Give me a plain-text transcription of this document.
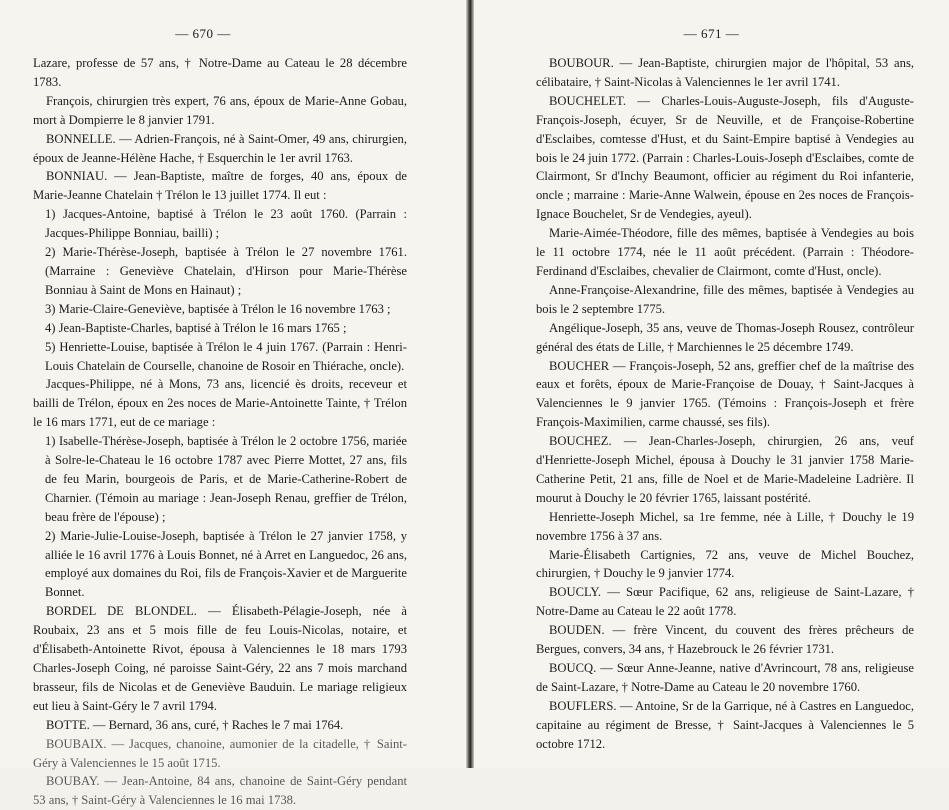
— 670 —

Lazare, professe de 57 ans, † Notre-Dame au Cateau le 28 décembre 1783.

François, chirurgien très expert, 76 ans, époux de Marie-Anne Gobau, mort à Dompierre le 8 janvier 1791.

BONNELLE. — Adrien-François, né à Saint-Omer, 49 ans, chirurgien, époux de Jeanne-Hélène Hache, † Esquerchin le 1er avril 1763.

BONNIAU. — Jean-Baptiste, maître de forges, 40 ans, époux de Marie-Jeanne Chatelain † Trélon le 13 juillet 1774. Il eut :

1) Jacques-Antoine, baptisé à Trélon le 23 août 1760. (Parrain : Jacques-Philippe Bonniau, bailli) ;

2) Marie-Thérèse-Joseph, baptisée à Trélon le 27 novembre 1761. (Marraine : Geneviève Chatelain, d'Hirson pour Marie-Thérèse Bonniau à Saint de Mons en Hainaut) ;

3) Marie-Claire-Geneviève, baptisée à Trélon le 16 novembre 1763 ;

4) Jean-Baptiste-Charles, baptisé à Trélon le 16 mars 1765 ;

5) Henriette-Louise, baptisée à Trélon le 4 juin 1767. (Parrain : Henri-Louis Chatelain de Courselle, chanoine de Rosoir en Thiérache, oncle).

Jacques-Philippe, né à Mons, 73 ans, licencié ès droits, receveur et bailli de Trélon, époux en 2es noces de Marie-Antoinette Tainte, † Trélon le 16 mars 1771, eut de ce mariage :

1) Isabelle-Thérèse-Joseph, baptisée à Trélon le 2 octobre 1756, mariée à Solre-le-Chateau le 16 octobre 1787 avec Pierre Mottet, 27 ans, fils de feu Marin, bourgeois de Paris, et de Marie-Catherine-Robert de Charnier. (Témoin au mariage : Jean-Joseph Renau, greffier de Trélon, beau frère de l'épouse) ;

2) Marie-Julie-Louise-Joseph, baptisée à Trélon le 27 janvier 1758, y alliée le 16 avril 1776 à Louis Bonnet, né à Arret en Languedoc, 26 ans, employé aux domaines du Roi, fils de François-Xavier et de Marguerite Bonnet.

BORDEL DE BLONDEL. — Élisabeth-Pélagie-Joseph, née à Roubaix, 23 ans et 5 mois fille de feu Louis-Nicolas, notaire, et d'Élisabeth-Antoinette Rivot, épousa à Valenciennes le 18 mars 1793 Charles-Joseph Coing, né paroisse Saint-Géry, 22 ans 7 mois marchand brasseur, fils de Nicolas et de Geneviève Bauduin. Le mariage religieux eut lieu à Saint-Géry le 7 avril 1794.

BOTTE. — Bernard, 36 ans, curé, † Raches le 7 mai 1764.

BOUBAIX. — Jacques, chanoine, aumonier de la citadelle, † Saint-Géry à Valenciennes le 15 août 1715.

BOUBAY. — Jean-Antoine, 84 ans, chanoine de Saint-Géry pendant 53 ans, † Saint-Géry à Valenciennes le 16 mai 1738.

— 671 —

BOUBOUR. — Jean-Baptiste, chirurgien major de l'hôpital, 53 ans, célibataire, † Saint-Nicolas à Valenciennes le 1er avril 1741.

BOUCHELET. — Charles-Louis-Auguste-Joseph, fils d'Auguste-François-Joseph, écuyer, Sr de Neuville, et de Françoise-Robertine d'Esclaibes, comtesse d'Hust, et du Saint-Empire baptisé à Vendegies au bois le 24 juin 1772. (Parrain : Charles-Louis-Joseph d'Esclaibes, comte de Clairmont, Sr d'Inchy Beaumont, officier au régiment du Roi infanterie, oncle ; marraine : Marie-Anne Walwein, épouse en 2es noces de François-Ignace Bouchelet, Sr de Vendegies, ayeul).

Marie-Aimée-Théodore, fille des mêmes, baptisée à Vendegies au bois le 11 octobre 1774, née le 11 août précédent. (Parrain : Théodore-Ferdinand d'Esclaibes, chevalier de Clairmont, comte d'Hust, oncle).

Anne-Françoise-Alexandrine, fille des mêmes, baptisée à Vendegies au bois le 2 septembre 1775.

Angélique-Joseph, 35 ans, veuve de Thomas-Joseph Rousez, contrôleur général des états de Lille, † Marchiennes le 25 décembre 1749.

BOUCHER — François-Joseph, 52 ans, greffier chef de la maîtrise des eaux et forêts, époux de Marie-Françoise de Douay, † Saint-Jacques à Valenciennes le 9 janvier 1765. (Témoins : François-Joseph et frère François-Maximilien, carme chaussé, ses fils).

BOUCHEZ. — Jean-Charles-Joseph, chirurgien, 26 ans, veuf d'Henriette-Joseph Michel, épousa à Douchy le 31 janvier 1758 Marie-Catherine Petit, 21 ans, fille de Noel et de Marie-Madeleine Ladrière. Il mourut à Douchy le 20 février 1765, laissant postérité.

Henriette-Joseph Michel, sa 1re femme, née à Lille, † Douchy le 19 novembre 1756 à 37 ans.

Marie-Élisabeth Cartignies, 72 ans, veuve de Michel Bouchez, chirurgien, † Douchy le 9 janvier 1774.

BOUCLY. — Sœur Pacifique, 62 ans, religieuse de Saint-Lazare, † Notre-Dame au Cateau le 22 août 1778.

BOUDEN. — frère Vincent, du couvent des frères prêcheurs de Bergues, convers, 34 ans, † Hazebrouck le 26 février 1731.

BOUCQ. — Sœur Anne-Jeanne, native d'Avrincourt, 78 ans, religieuse de Saint-Lazare, † Notre-Dame au Cateau le 20 novembre 1760.

BOUFLERS. — Antoine, Sr de la Garrique, né à Castres en Languedoc, capitaine au régiment de Bresse, † Saint-Jacques à Valenciennes le 5 octobre 1712.
